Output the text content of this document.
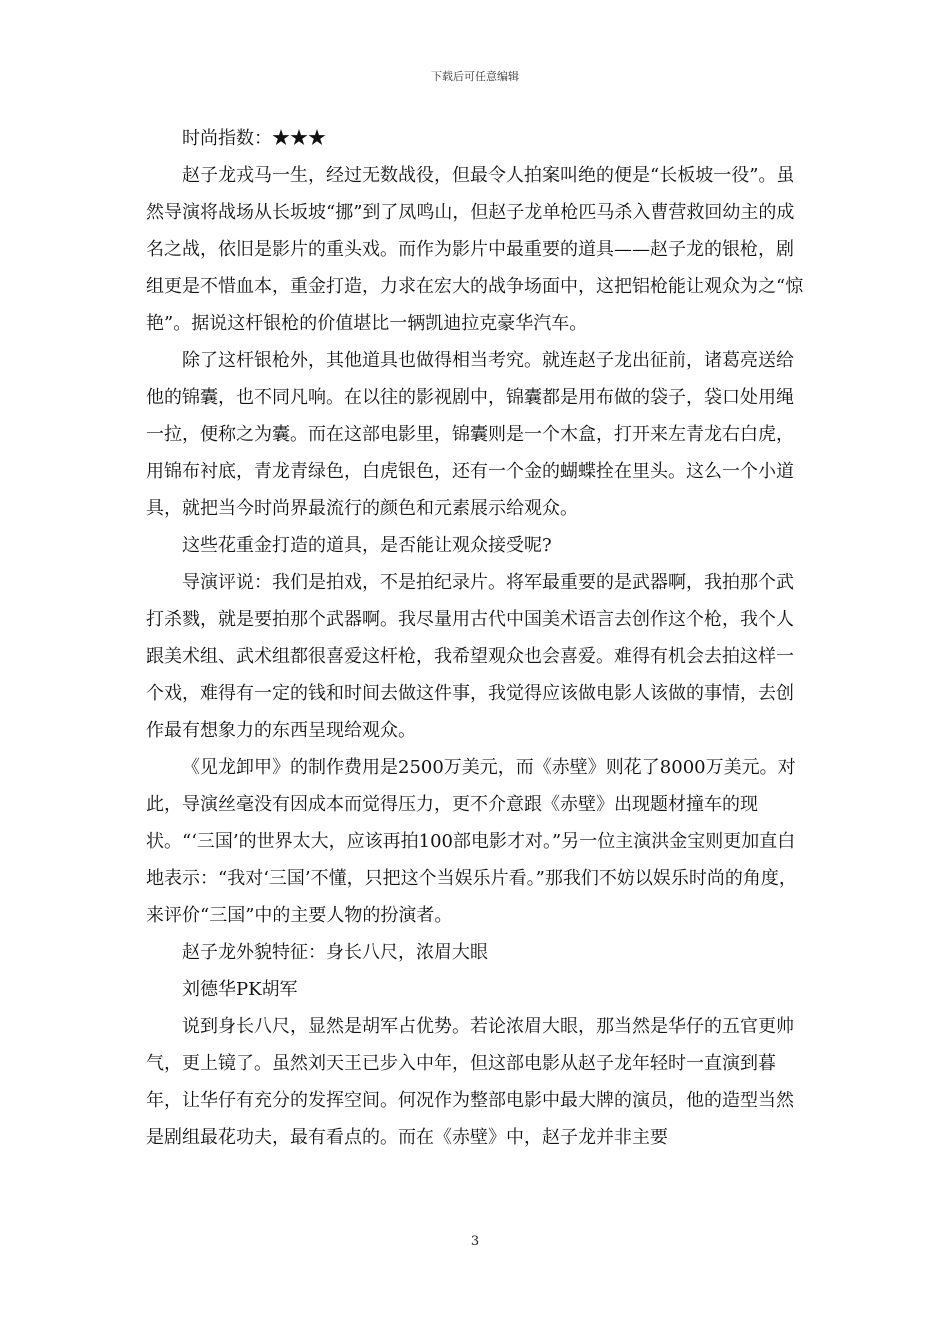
下载后可任意编辑

时尚指数：★★★

赵子龙戎马一生，经过无数战役，但最令人拍案叫绝的便是“长板坡一役”。虽然导演将战场从长坂坡“挪”到了凤鸣山，但赵子龙单枪匹马杀入曹营救回幼主的成名之战，依旧是影片的重头戏。而作为影片中最重要的道具——赵子龙的银枪，剧组更是不惜血本，重金打造，力求在宏大的战争场面中，这把铝枪能让观众为之“惊艳”。据说这杆银枪的价值堪比一辆凯迪拉克豪华汽车。

除了这杆银枪外，其他道具也做得相当考究。就连赵子龙出征前，诸葛亮送给他的锦囊，也不同凡响。在以往的影视剧中，锦囊都是用布做的袋子，袋口处用绳一拉，便称之为囊。而在这部电影里，锦囊则是一个木盒，打开来左青龙右白虎，用锦布衬底，青龙青绿色，白虎银色，还有一个金的蝴蝶拴在里头。这么一个小道具，就把当今时尚界最流行的颜色和元素展示给观众。

这些花重金打造的道具，是否能让观众接受呢?

导演评说：我们是拍戏，不是拍纪录片。将军最重要的是武器啊，我拍那个武打杀戮，就是要拍那个武器啊。我尽量用古代中国美术语言去创作这个枪，我个人跟美术组、武术组都很喜爱这杆枪，我希望观众也会喜爱。难得有机会去拍这样一个戏，难得有一定的钱和时间去做这件事，我觉得应该做电影人该做的事情，去创作最有想象力的东西呈现给观众。

《见龙卸甲》的制作费用是2500万美元，而《赤壁》则花了8000万美元。对此，导演丝毫没有因成本而觉得压力，更不介意跟《赤壁》出现题材撞车的现状。“‘三国’的世界太大，应该再拍100部电影才对。”另一位主演洪金宝则更加直白地表示：“我对‘三国’不懂，只把这个当娱乐片看。”那我们不妨以娱乐时尚的角度，来评价“三国”中的主要人物的扮演者。

赵子龙外貌特征：身长八尺，浓眉大眼

刘德华PK胡军

说到身长八尺，显然是胡军占优势。若论浓眉大眼，那当然是华仔的五官更帅气，更上镜了。虽然刘天王已步入中年，但这部电影从赵子龙年轻时一直演到暮年，让华仔有充分的发挥空间。何况作为整部电影中最大牌的演员，他的造型当然是剧组最花功夫，最有看点的。而在《赤壁》中，赵子龙并非主要

3
